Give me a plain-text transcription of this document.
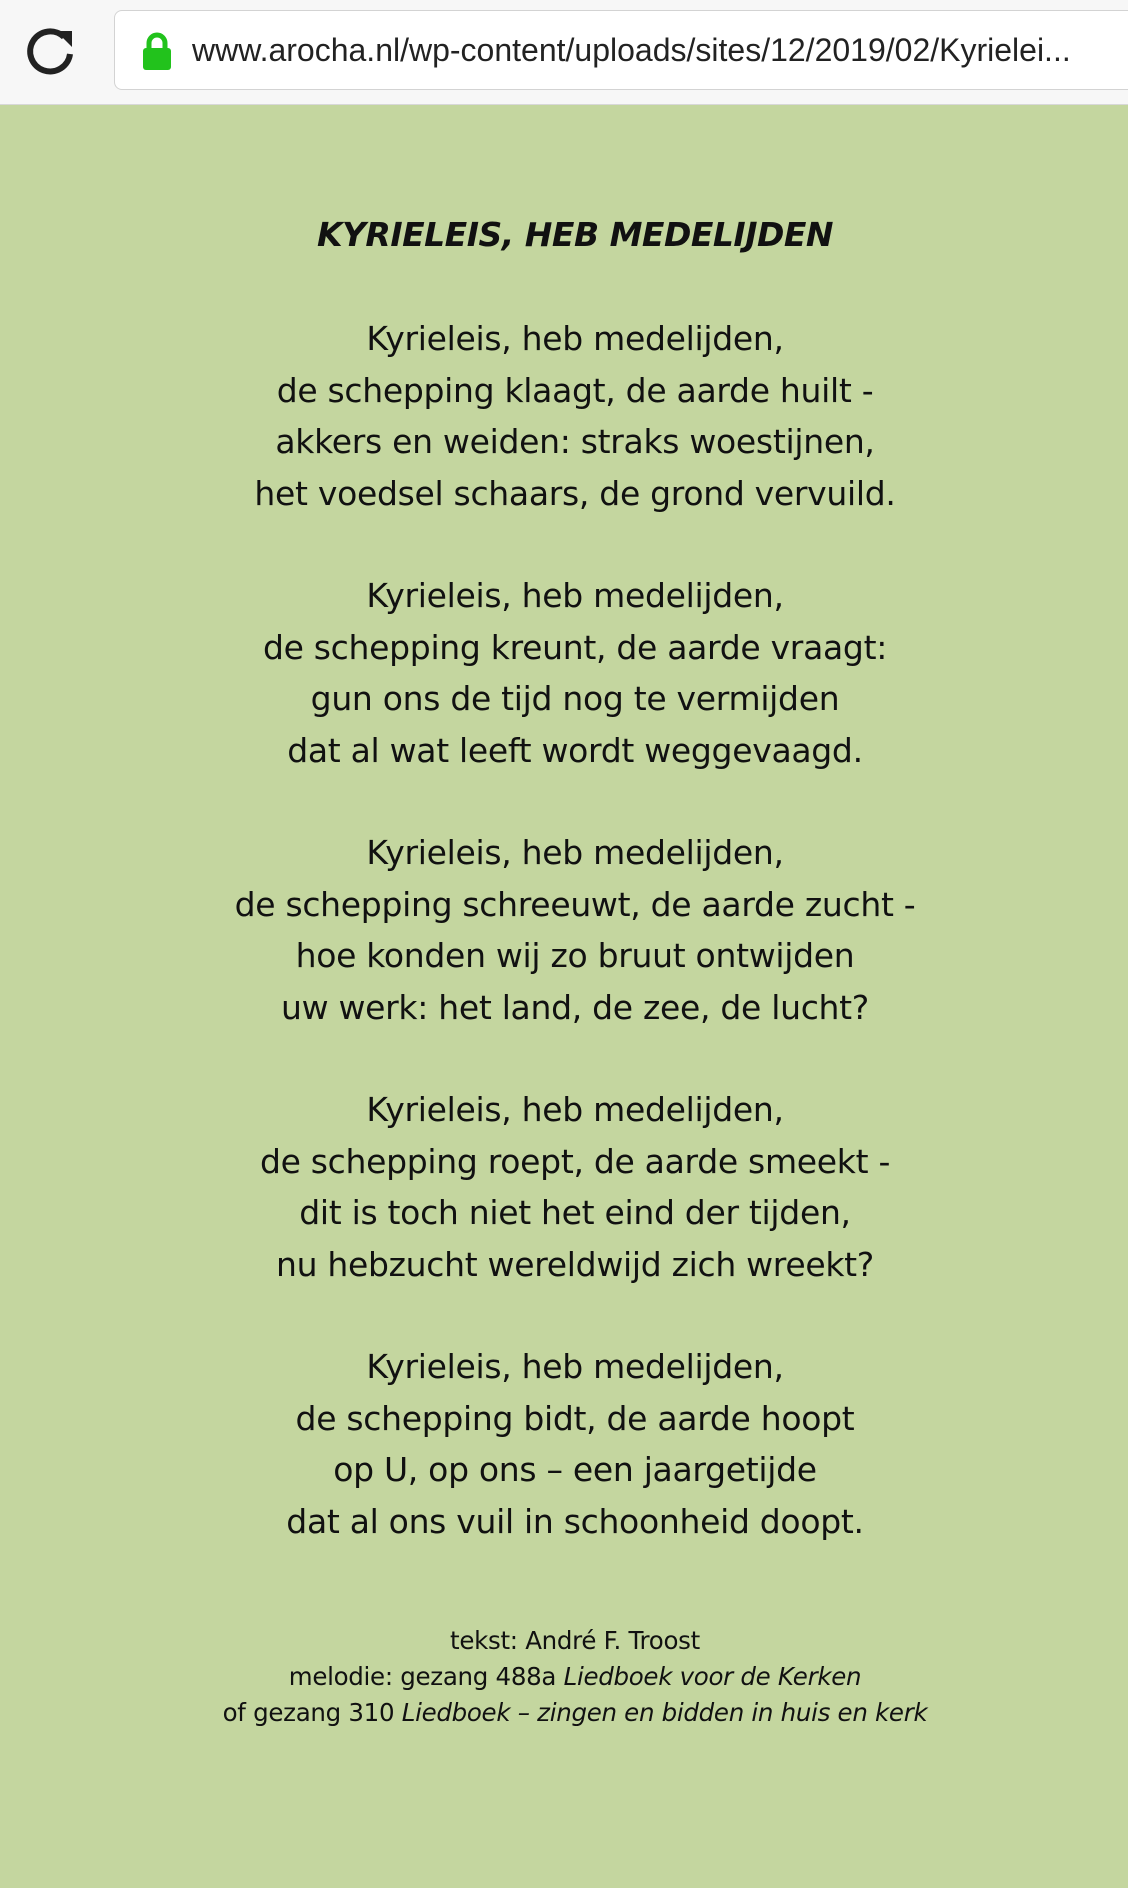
www.arocha.nl/wp-content/uploads/sites/12/2019/02/Kyrielei...
KYRIELEIS, HEB MEDELIJDEN
Kyrieleis, heb medelijden,
de schepping klaagt, de aarde huilt -
akkers en weiden: straks woestijnen,
het voedsel schaars, de grond vervuild.
Kyrieleis, heb medelijden,
de schepping kreunt, de aarde vraagt:
gun ons de tijd nog te vermijden
dat al wat leeft wordt weggevaagd.
Kyrieleis, heb medelijden,
de schepping schreeuwt, de aarde zucht -
hoe konden wij zo bruut ontwijden
uw werk: het land, de zee, de lucht?
Kyrieleis, heb medelijden,
de schepping roept, de aarde smeekt -
dit is toch niet het eind der tijden,
nu hebzucht wereldwijd zich wreekt?
Kyrieleis, heb medelijden,
de schepping bidt, de aarde hoopt
op U, op ons – een jaargetijde
dat al ons vuil in schoonheid doopt.
tekst: André F. Troost
melodie: gezang 488a Liedboek voor de Kerken
of gezang 310 Liedboek – zingen en bidden in huis en kerk
